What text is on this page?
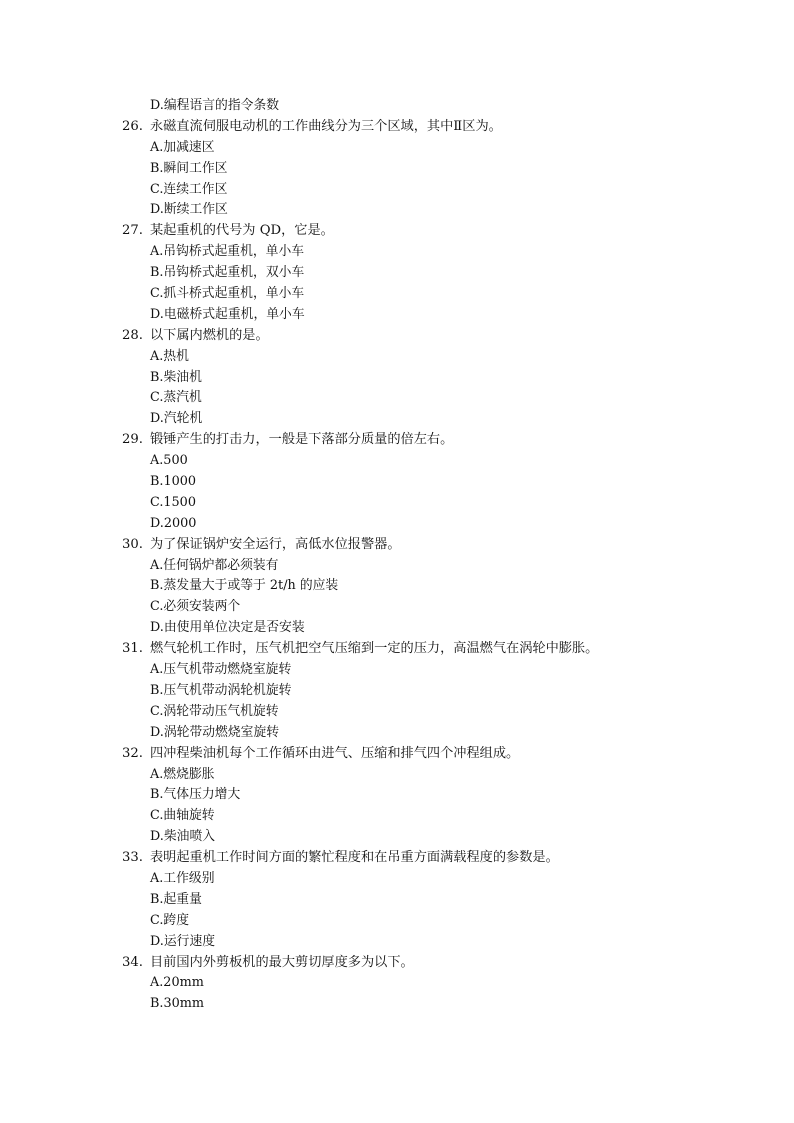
D.编程语言的指令条数
26. 永磁直流伺服电动机的工作曲线分为三个区域，其中Ⅱ区为。
A.加减速区
B.瞬间工作区
C.连续工作区
D.断续工作区
27. 某起重机的代号为 QD，它是。
A.吊钩桥式起重机，单小车
B.吊钩桥式起重机，双小车
C.抓斗桥式起重机，单小车
D.电磁桥式起重机，单小车
28. 以下属内燃机的是。
A.热机
B.柴油机
C.蒸汽机
D.汽轮机
29. 锻锤产生的打击力，一般是下落部分质量的倍左右。
A.500
B.1000
C.1500
D.2000
30. 为了保证锅炉安全运行，高低水位报警器。
A.任何锅炉都必须装有
B.蒸发量大于或等于 2t/h 的应装
C.必须安装两个
D.由使用单位决定是否安装
31. 燃气轮机工作时，压气机把空气压缩到一定的压力，高温燃气在涡轮中膨胀。
A.压气机带动燃烧室旋转
B.压气机带动涡轮机旋转
C.涡轮带动压气机旋转
D.涡轮带动燃烧室旋转
32. 四冲程柴油机每个工作循环由进气、压缩和排气四个冲程组成。
A.燃烧膨胀
B.气体压力增大
C.曲轴旋转
D.柴油喷入
33. 表明起重机工作时间方面的繁忙程度和在吊重方面满载程度的参数是。
A.工作级别
B.起重量
C.跨度
D.运行速度
34. 目前国内外剪板机的最大剪切厚度多为以下。
A.20mm
B.30mm
